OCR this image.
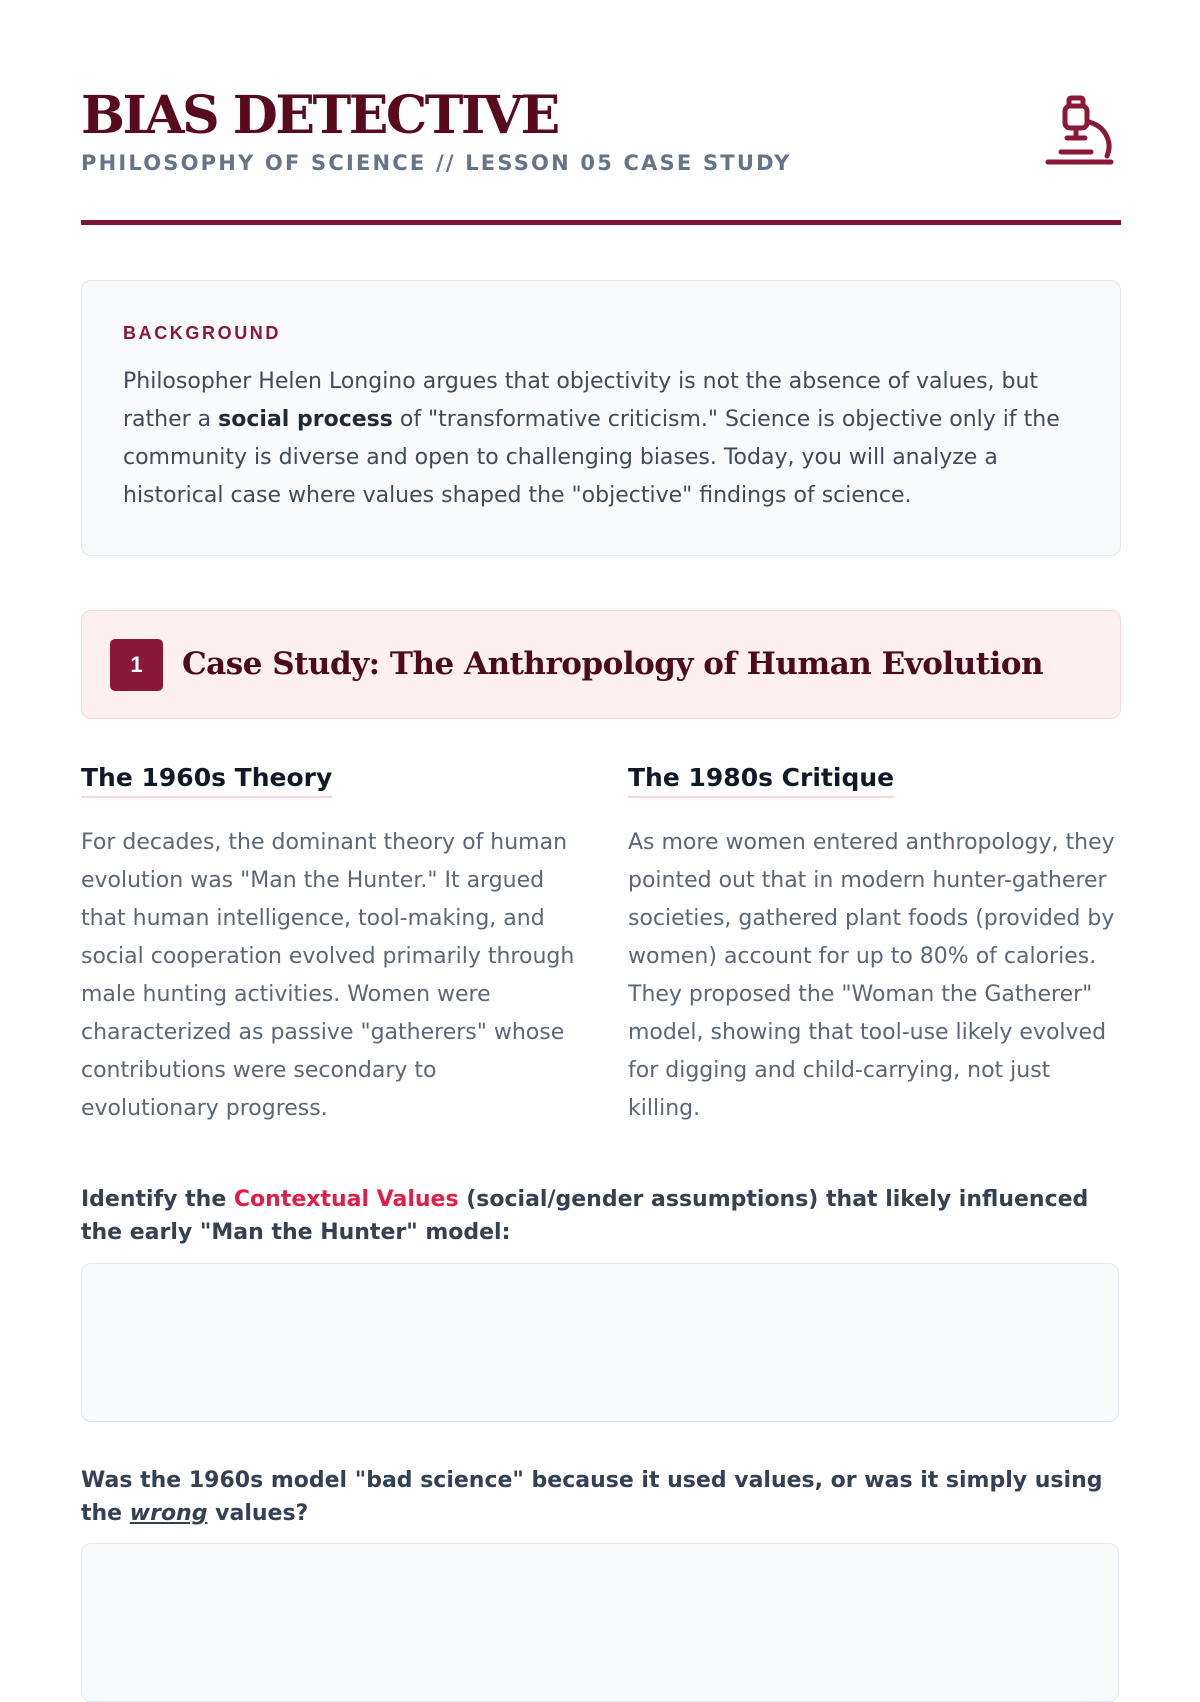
BIAS DETECTIVE
PHILOSOPHY OF SCIENCE // LESSON 05 CASE STUDY
BACKGROUND

Philosopher Helen Longino argues that objectivity is not the absence of values, but rather a social process of "transformative criticism." Science is objective only if the community is diverse and open to challenging biases. Today, you will analyze a historical case where values shaped the "objective" findings of science.

1	Case Study: The Anthropology of Human Evolution
The 1960s Theory

For decades, the dominant theory of human evolution was "Man the Hunter." It argued that human intelligence, tool-making, and social cooperation evolved primarily through male hunting activities. Women were characterized as passive "gatherers" whose contributions were secondary to evolutionary progress.

The 1980s Critique

As more women entered anthropology, they pointed out that in modern hunter-gatherer societies, gathered plant foods (provided by women) account for up to 80% of calories. They proposed the "Woman the Gatherer" model, showing that tool-use likely evolved for digging and child-carrying, not just killing.

Identify the Contextual Values (social/gender assumptions) that likely influenced the early "Man the Hunter" model:

Was the 1960s model "bad science" because it used values, or was it simply using the wrong values?
